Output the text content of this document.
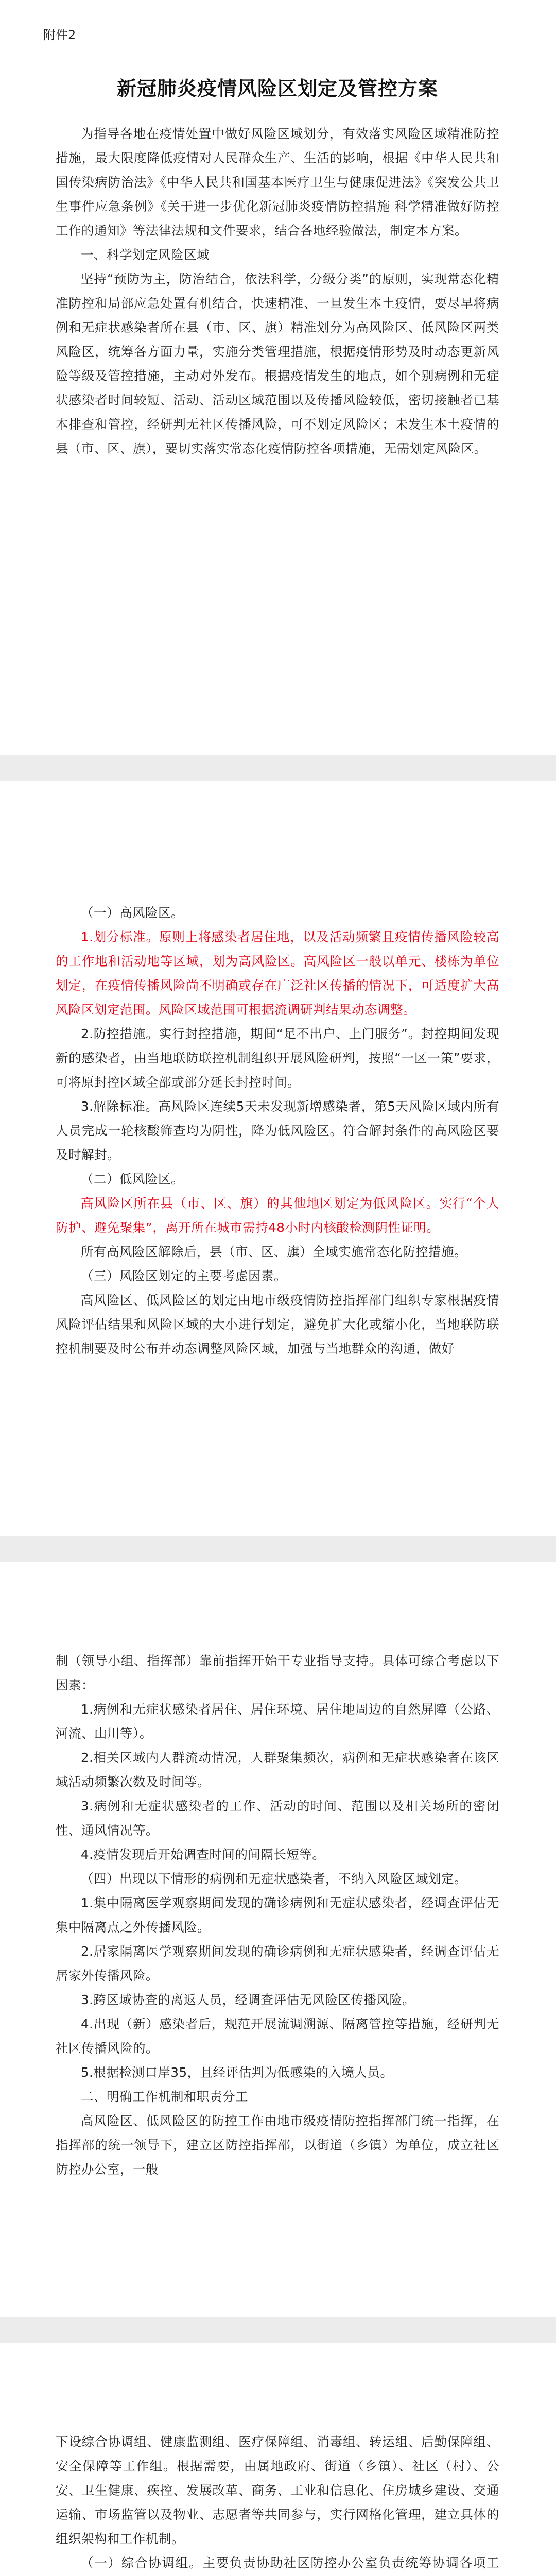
附件2
新冠肺炎疫情风险区划定及管控方案

为指导各地在疫情处置中做好风险区域划分，有效落实风险区域精准防控措施，最大限度降低疫情对人民群众生产、生活的影响，根据《中华人民共和国传染病防治法》《中华人民共和国基本医疗卫生与健康促进法》《突发公共卫生事件应急条例》《关于进一步优化新冠肺炎疫情防控措施 科学精准做好防控工作的通知》等法律法规和文件要求，结合各地经验做法，制定本方案。

一、科学划定风险区域

坚持“预防为主，防治结合，依法科学，分级分类”的原则，实现常态化精准防控和局部应急处置有机结合，快速精准、一旦发生本土疫情，要尽早将病例和无症状感染者所在县（市、区、旗）精准划分为高风险区、低风险区两类风险区，统筹各方面力量，实施分类管理措施，根据疫情形势及时动态更新风险等级及管控措施，主动对外发布。根据疫情发生的地点，如个别病例和无症状感染者时间较短、活动、活动区域范围以及传播风险较低，密切接触者已基本排查和管控，经研判无社区传播风险，可不划定风险区；未发生本土疫情的县（市、区、旗），要切实落实常态化疫情防控各项措施，无需划定风险区。

（一）高风险区。

1.划分标准。原则上将感染者居住地，以及活动频繁且疫情传播风险较高的工作地和活动地等区域，划为高风险区。高风险区一般以单元、楼栋为单位划定，在疫情传播风险尚不明确或存在广泛社区传播的情况下，可适度扩大高风险区划定范围。风险区域范围可根据流调研判结果动态调整。

2.防控措施。实行封控措施，期间“足不出户、上门服务”。封控期间发现新的感染者，由当地联防联控机制组织开展风险研判，按照“一区一策”要求，可将原封控区域全部或部分延长封控时间。

3.解除标准。高风险区连续5天未发现新增感染者，第5天风险区域内所有人员完成一轮核酸筛查均为阴性，降为低风险区。符合解封条件的高风险区要及时解封。

（二）低风险区。

高风险区所在县（市、区、旗）的其他地区划定为低风险区。实行“个人防护、避免聚集”，离开所在城市需持48小时内核酸检测阴性证明。

所有高风险区解除后，县（市、区、旗）全域实施常态化防控措施。

（三）风险区划定的主要考虑因素。

高风险区、低风险区的划定由地市级疫情防控指挥部门组织专家根据疫情风险评估结果和风险区域的大小进行划定，避免扩大化或缩小化，当地联防联控机制要及时公布并动态调整风险区域，加强与当地群众的沟通，做好

制（领导小组、指挥部）靠前指挥开始干专业指导支持。具体可综合考虑以下因素：

1.病例和无症状感染者居住、居住环境、居住地周边的自然屏障（公路、河流、山川等）。

2.相关区域内人群流动情况，人群聚集频次，病例和无症状感染者在该区域活动频繁次数及时间等。

3.病例和无症状感染者的工作、活动的时间、范围以及相关场所的密闭性、通风情况等。

4.疫情发现后开始调查时间的间隔长短等。

（四）出现以下情形的病例和无症状感染者，不纳入风险区域划定。

1.集中隔离医学观察期间发现的确诊病例和无症状感染者，经调查评估无集中隔离点之外传播风险。

2.居家隔离医学观察期间发现的确诊病例和无症状感染者，经调查评估无居家外传播风险。

3.跨区域协查的离返人员，经调查评估无风险区传播风险。

4.出现（新）感染者后，规范开展流调溯源、隔离管控等措施，经研判无社区传播风险的。

5.根据检测口岸35，且经评估判为低感染的入境人员。

二、明确工作机制和职责分工

高风险区、低风险区的防控工作由地市级疫情防控指挥部门统一指挥，在指挥部的统一领导下，建立区防控指挥部，以街道（乡镇）为单位，成立社区防控办公室，一般

下设综合协调组、健康监测组、医疗保障组、消毒组、转运组、后勤保障组、安全保障等工作组。根据需要，由属地政府、街道（乡镇）、社区（村）、公安、卫生健康、疾控、发展改革、商务、工业和信息化、住房城乡建设、交通运输、市场监管以及物业、志愿者等共同参与，实行网格化管理，建立具体的组织架构和工作机制。

（一）综合协调组。主要负责协助社区防控办公室负责统筹协调各项工
